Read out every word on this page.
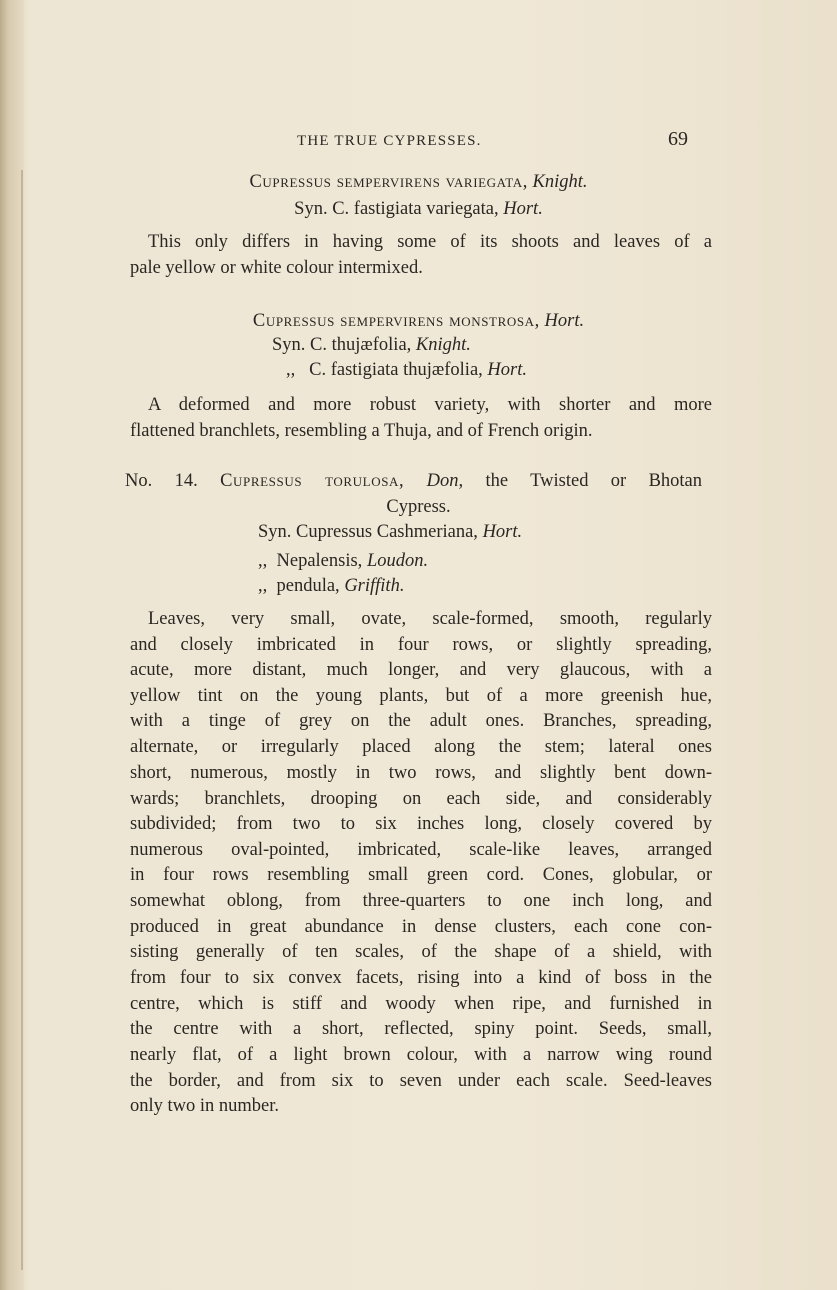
THE TRUE CYPRESSES.	69
Cupressus sempervirens variegata, Knight.
Syn. C. fastigiata variegata, Hort.
This only differs in having some of its shoots and leaves of a
pale yellow or white colour intermixed.
Cupressus sempervirens monstrosa, Hort.
Syn. C. thujæfolia, Knight.
,, C. fastigiata thujæfolia, Hort.
A deformed and more robust variety, with shorter and more
flattened branchlets, resembling a Thuja, and of French origin.
No. 14. Cupressus torulosa, Don, the Twisted or Bhotan
Cypress.
Syn. Cupressus Cashmeriana, Hort.
,, Nepalensis, Loudon.
,, pendula, Griffith.
Leaves, very small, ovate, scale-formed, smooth, regularly
and closely imbricated in four rows, or slightly spreading,
acute, more distant, much longer, and very glaucous, with a
yellow tint on the young plants, but of a more greenish hue,
with a tinge of grey on the adult ones. Branches, spreading,
alternate, or irregularly placed along the stem; lateral ones
short, numerous, mostly in two rows, and slightly bent down-
wards; branchlets, drooping on each side, and considerably
subdivided; from two to six inches long, closely covered by
numerous oval-pointed, imbricated, scale-like leaves, arranged
in four rows resembling small green cord. Cones, globular, or
somewhat oblong, from three-quarters to one inch long, and
produced in great abundance in dense clusters, each cone con-
sisting generally of ten scales, of the shape of a shield, with
from four to six convex facets, rising into a kind of boss in the
centre, which is stiff and woody when ripe, and furnished in
the centre with a short, reflected, spiny point. Seeds, small,
nearly flat, of a light brown colour, with a narrow wing round
the border, and from six to seven under each scale. Seed-leaves
only two in number.
